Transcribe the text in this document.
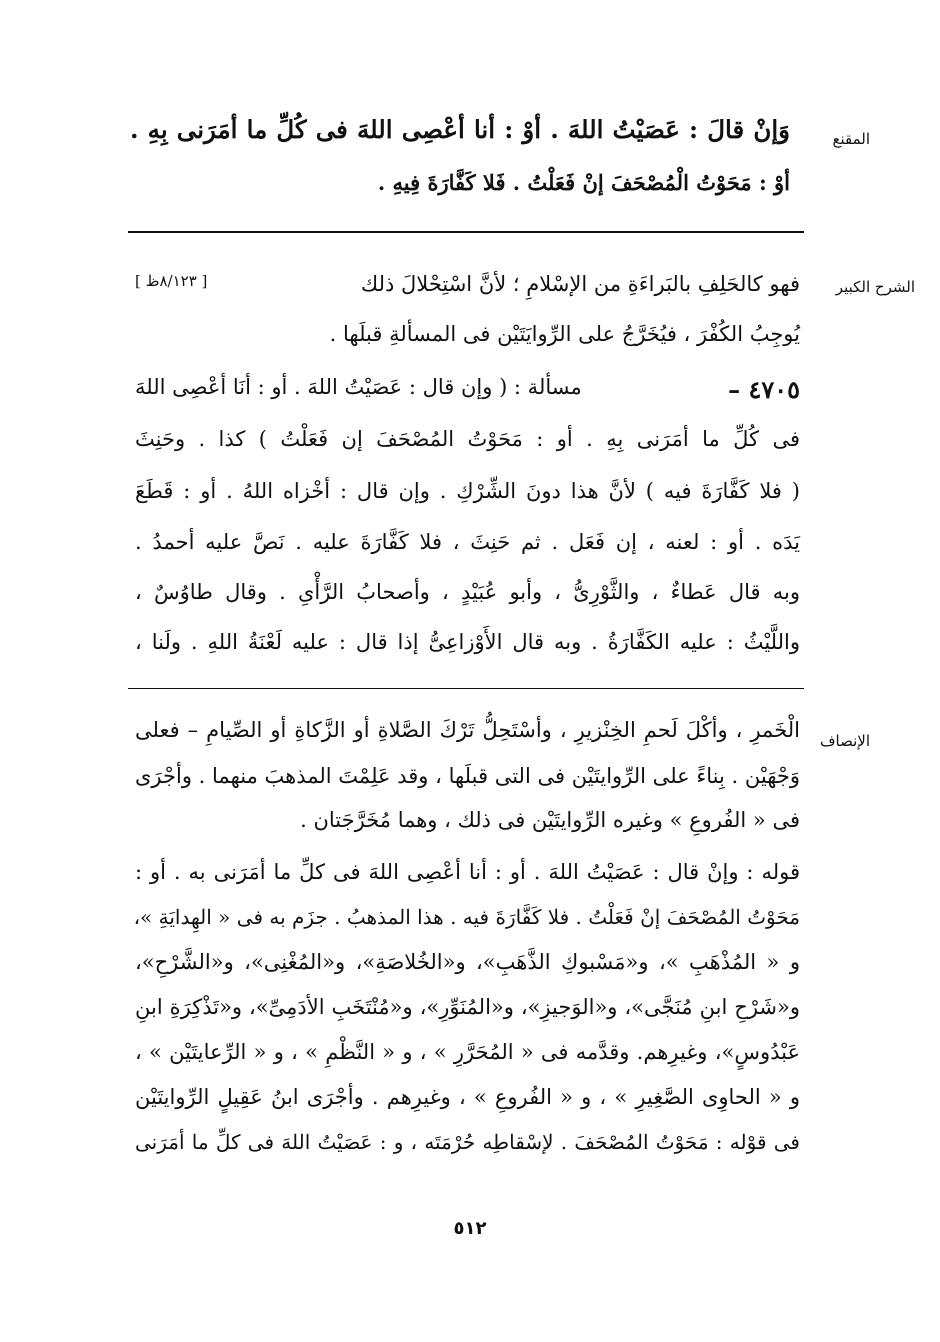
المقنع
وَإنْ قالَ : عَصَيْتُ اللهَ . أوْ : أنا أعْصِى اللهَ فى كُلِّ ما أمَرَنى بِهِ .
أوْ : مَحَوْتُ الْمُصْحَفَ إنْ فَعَلْتُ . فَلا كَفَّارَةَ فِيهِ .
الشرح الكبير
فهو كالحَلِفِ بالبَراءَةِ من الإسْلامِ ؛ لأنَّ اسْتِحْلالَ ذلك
[ ٨/١٢٣ظ ]
يُوجِبُ الكُفْرَ ، فيُخَرَّجُ على الرِّوايَتَيْن فى المسألةِ قبلَها .
٤٧٠٥ –
مسألة : ( وإن قال : عَصَيْتُ اللهَ . أو : أنَا أعْصِى اللهَ
فى كُلِّ ما أمَرَنى بِهِ . أو : مَحَوْتُ المُصْحَفَ إن فَعَلْتُ ) كذا . وحَنِثَ
( فلا كَفَّارَةَ فيه ) لأنَّ هذا دونَ الشِّرْكِ . وإن قال : أخْزاه اللهُ . أو : قَطَعَ
يَدَه . أو : لعنه ، إن فَعَل . ثم حَنِثَ ، فلا كَفَّارَةَ عليه . نَصَّ عليه أحمدُ .
وبه قال عَطاءٌ ، والثَّوْرِىُّ ، وأبو عُبَيْدٍ ، وأصحابُ الرَّأْىِ . وقال طاوُسٌ ،
واللَّيْثُ : عليه الكَفَّارَةُ . وبه قال الأَوْزاعِىُّ إذا قال : عليه لَعْنَةُ اللهِ . ولَنا ،
الإنصاف
الْخَمرِ ، وأكْلَ لَحمِ الخِنْزيرِ ، وأسْتَحِلُّ تَرْكَ الصَّلاةِ أو الزَّكاةِ أو الصِّيامِ – فعلى
وَجْهَيْن . بِناءً على الرِّوايتَيْن فى التى قبلَها ، وقد عَلِمْتَ المذهبَ منهما . وأجْرَى
فى « الفُروعِ » وغيره الرِّوايتَيْن فى ذلك ، وهما مُخَرَّجَتان .
قوله : وإنْ قال : عَصَيْتُ اللهَ . أو : أنا أعْصِى اللهَ فى كلِّ ما أمَرَنى به . أو :
مَحَوْتُ المُصْحَفَ إنْ فَعَلْتُ . فلا كَفَّارَةَ فيه . هذا المذهبُ . جزَم به فى « الهِدايَةِ »،
و « المُذْهَبِ »، و«مَسْبوكِ الذَّهَبِ»، و«الخُلاصَةِ»، و«المُغْنِى»، و«الشَّرْحِ»،
و«شَرْحِ ابنِ مُنَجَّى»، و«الوَجيزِ»، و«المُنَوِّرِ»، و«مُنْتَخَبِ الأدَمِىِّ»، و«تَذْكِرَةِ ابنِ
عَبْدُوسٍ»، وغيرِهم. وقدَّمه فى « المُحَرَّرِ » ، و « النَّظْمِ » ، و « الرِّعايتَيْن » ،
و « الحاوِى الصَّغِيرِ » ، و « الفُروعِ » ، وغيرِهم . وأجْرَى ابنُ عَقِيلٍ الرِّوايتَيْن
فى قوْله : مَحَوْتُ المُصْحَفَ . لإسْقاطِه حُرْمَتَه ، و : عَصَيْتُ اللهَ فى كلِّ ما أمَرَنى
٥١٢
